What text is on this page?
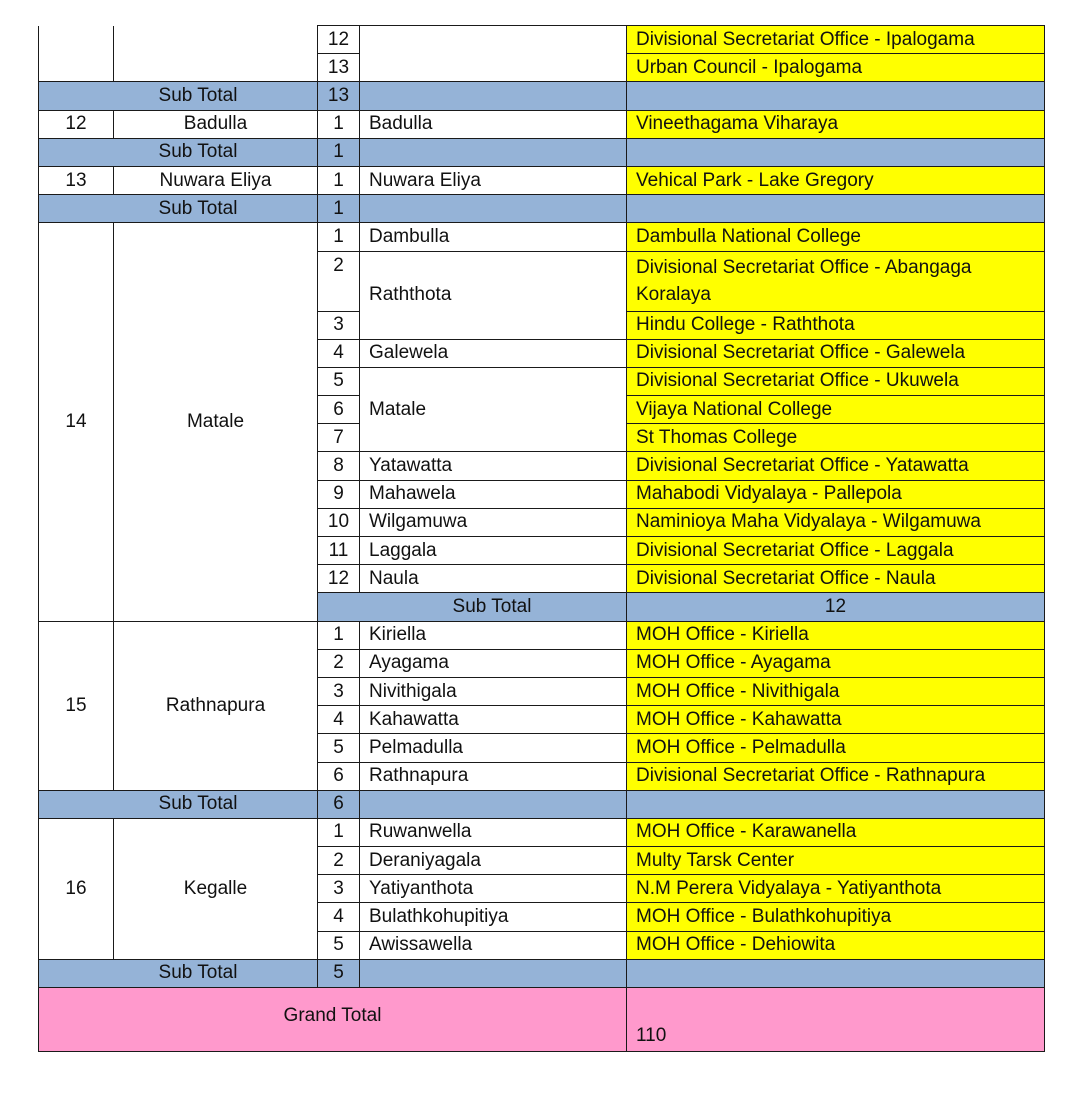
		12		Divisional Secretariat Office - Ipalogama	
		13		Urban Council - Ipalogama	
Sub Total		13			
12	Badulla	1	Badulla	Vineethagama Viharaya	
Sub Total		1			
13	Nuwara Eliya	1	Nuwara Eliya	Vehical Park - Lake Gregory	
Sub Total		1			
14	Matale	1	Dambulla	Dambulla National College	
		2	Raththota	Divisional Secretariat Office - Abangaga Koralaya	
		3		Hindu College - Raththota	
		4	Galewela	Divisional Secretariat Office - Galewela	
		5	Matale	Divisional Secretariat Office - Ukuwela	
		6		Vijaya National College	
		7		St Thomas College	
		8	Yatawatta	Divisional Secretariat Office - Yatawatta	
		9	Mahawela	Mahabodi Vidyalaya - Pallepola	
		10	Wilgamuwa	Naminioya Maha Vidyalaya - Wilgamuwa	
		11	Laggala	Divisional Secretariat Office - Laggala	
		12	Naula	Divisional Secretariat Office - Naula	
		Sub Total		12		
15	Rathnapura	1	Kiriella	MOH Office - Kiriella	
		2	Ayagama	MOH Office - Ayagama	
		3	Nivithigala	MOH Office - Nivithigala	
		4	Kahawatta	MOH Office - Kahawatta	
		5	Pelmadulla	MOH Office - Pelmadulla	
		6	Rathnapura	Divisional Secretariat Office - Rathnapura	
Sub Total		6			
16	Kegalle	1	Ruwanwella	MOH Office - Karawanella	
		2	Deraniyagala	Multy Tarsk Center	
		3	Yatiyanthota	N.M Perera Vidyalaya - Yatiyanthota	
		4	Bulathkohupitiya	MOH Office - Bulathkohupitiya	
		5	Awissawella	MOH Office - Dehiowita	
Sub Total		5			
Grand Total				110	
